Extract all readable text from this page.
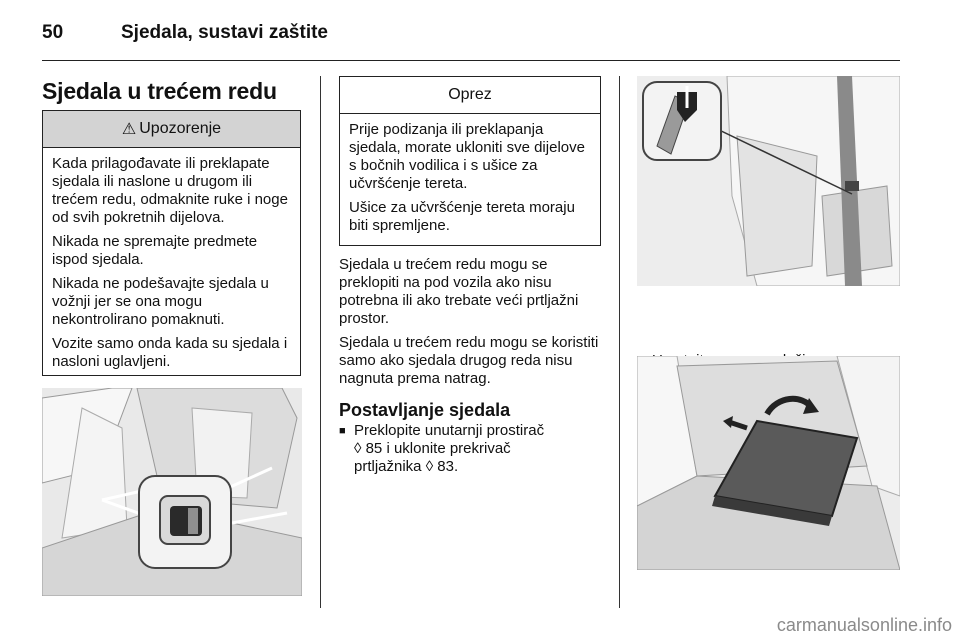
50	Sjedala, sustavi zaštite
Sjedala u trećem redu
⚠ Upozorenje

Kada prilagođavate ili preklapate sjedala ili naslone u drugom ili trećem redu, odmaknite ruke i noge od svih pokretnih dijelova.

Nikada ne spremajte predmete ispod sjedala.

Nikada ne podešavajte sjedala u vožnji jer se ona mogu nekontrolirano pomaknuti.

Vozite samo onda kada su sjedala i nasloni uglavljeni.

Oprez

Prije podizanja ili preklapanja sjedala, morate ukloniti sve dijelove s bočnih vodilica i s ušice za učvršćenje tereta.

Ušice za učvršćenje tereta moraju biti spremljene.

Sjedala u trećem redu mogu se preklopiti na pod vozila ako nisu potrebna ili ako trebate veći prtljažni prostor.

Sjedala u trećem redu mogu se koristiti samo ako sjedala drugog reda nisu nagnuta prema natrag.

Postavljanje sjedala
■ Preklopite unutarnji prostirač
◊ 85 i uklonite prekrivač
prtljažnika ◊ 83.
carmanualsonline.info
